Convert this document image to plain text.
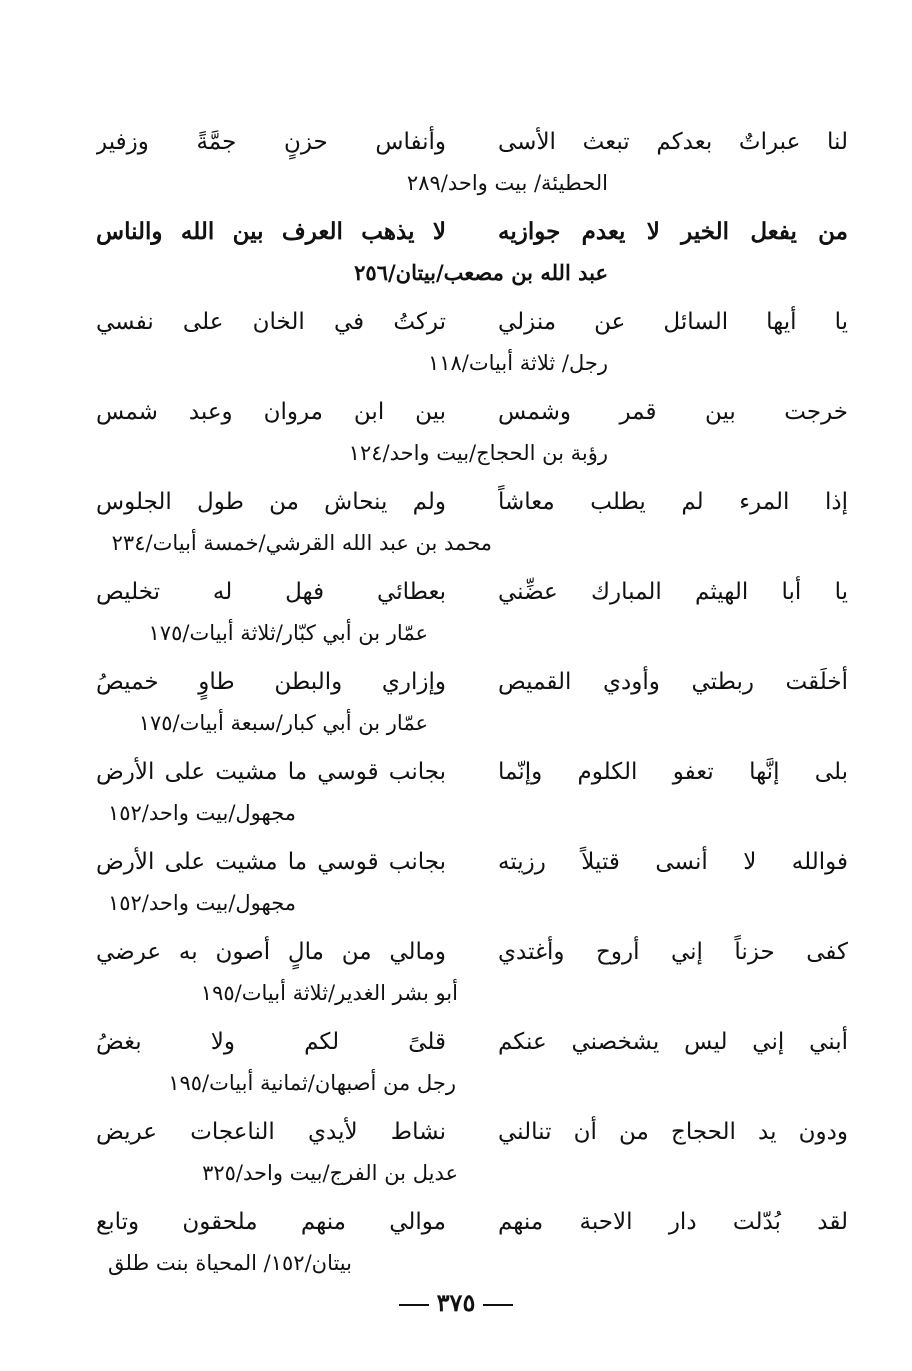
لنا عبراتٌ بعدكم تبعث الأسى
وأنفاس حزنٍ جمَّةً وزفير
الحطيئة/ بيت واحد/٢٨٩
من يفعل الخير لا يعدم جوازيه
لا يذهب العرف بين الله والناس
عبد الله بن مصعب/بيتان/٢٥٦
يا أيها السائل عن منزلي
تركتُ في الخان على نفسي
رجل/ ثلاثة أبيات/١١٨
خرجت بين قمر وشمس
بين ابن مروان وعبد شمس
رؤبة بن الحجاج/بيت واحد/١٢٤
إذا المرء لم يطلب معاشاً
ولم ينحاش من طول الجلوس
محمد بن عبد الله القرشي/خمسة أبيات/٢٣٤
يا أبا الهيثم المبارك عضِّني
بعطائي فهل له تخليص
عمّار بن أبي كبّار/ثلاثة أبيات/١٧٥
أخلَقت ربطتي وأودي القميص
وإزاري والبطن طاوٍ خميصُ
عمّار بن أبي كبار/سبعة أبيات/١٧٥
بلى إنَّها تعفو الكلوم وإنّما
بجانب قوسي ما مشيت على الأرض
مجهول/بيت واحد/١٥٢
فوالله لا أنسى قتيلاً رزيته
بجانب قوسي ما مشيت على الأرض
مجهول/بيت واحد/١٥٢
كفى حزناً إني أروح وأغتدي
ومالي من مالٍ أصون به عرضي
أبو بشر الغدير/ثلاثة أبيات/١٩٥
أبني إني ليس يشخصني عنكم
قلىً لكم ولا بغضُ
رجل من أصبهان/ثمانية أبيات/١٩٥
ودون يد الحجاج من أن تنالني
نشاط لأيدي الناعجات عريض
عديل بن الفرج/بيت واحد/٣٢٥
لقد بُدّلت دار الاحبة منهم
موالي منهم ملحقون وتابع
بيتان/١٥٢/ المحياة بنت طلق
٣٧٥
